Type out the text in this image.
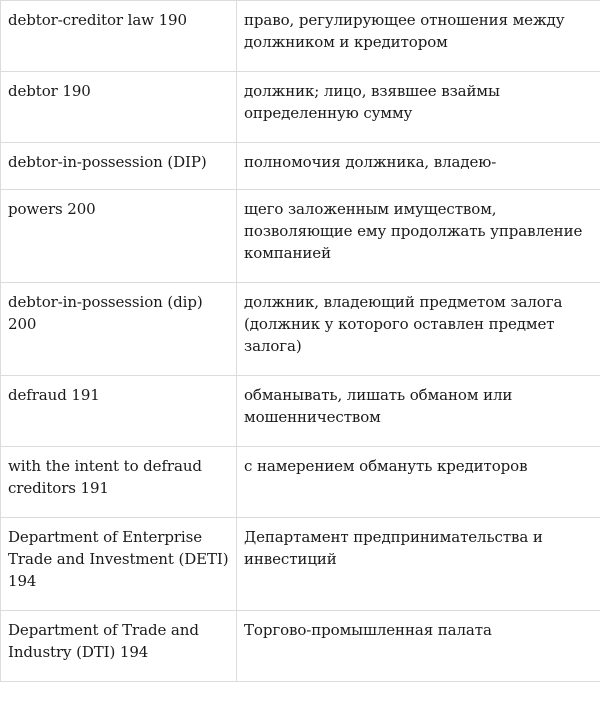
debtor-creditor law 190	право, регулирующее отношения между должником и кредитором
debtor 190	должник; лицо, взявшее взаймы определенную сумму
debtor-in-possession (DIP)	полномочия должника, владею-
powers 200	щего заложенным имуществом, позволяющие ему продолжать управление компанией
debtor-in-possession (dip) 200	должник, владеющий предметом залога (должник у которого оставлен предмет залога)
defraud 191	обманывать, лишать обманом или мошенничеством
with the intent to defraud creditors 191	с намерением обмануть кредиторов
Department of Enterprise Trade and Investment (DETI) 194	Департамент предпринимательства и инвестиций
Department of Trade and Industry (DTI) 194	Торгово-промышленная палата
